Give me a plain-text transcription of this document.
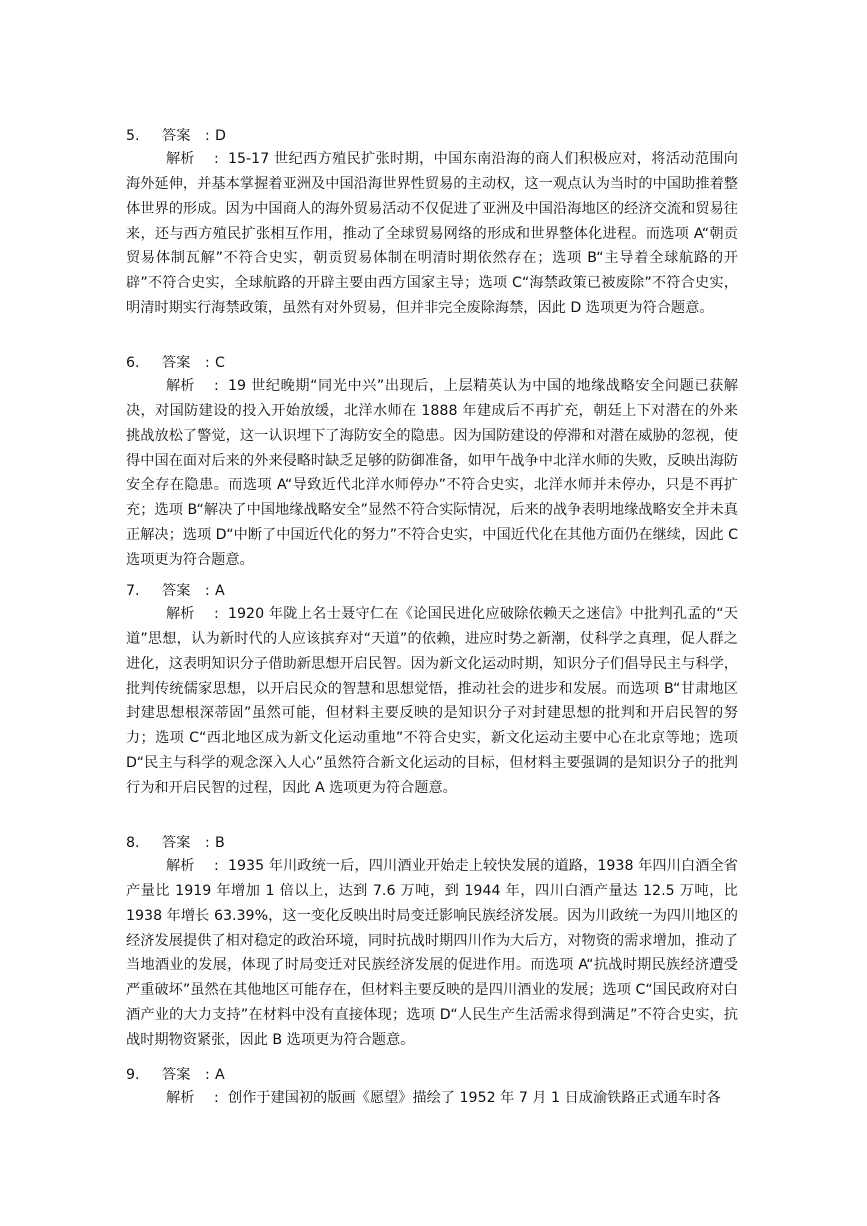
5. 答案 : D
解析 : 15-17 世纪西方殖民扩张时期，中国东南沿海的商人们积极应对，将活动范围向海外延伸，并基本掌握着亚洲及中国沿海世界性贸易的主动权，这一观点认为当时的中国助推着整体世界的形成。因为中国商人的海外贸易活动不仅促进了亚洲及中国沿海地区的经济交流和贸易往来，还与西方殖民扩张相互作用，推动了全球贸易网络的形成和世界整体化进程。而选项 A“朝贡贸易体制瓦解”不符合史实，朝贡贸易体制在明清时期依然存在；选项 B“主导着全球航路的开辟”不符合史实，全球航路的开辟主要由西方国家主导；选项 C“海禁政策已被废除”不符合史实，明清时期实行海禁政策，虽然有对外贸易，但并非完全废除海禁，因此 D 选项更为符合题意。
6. 答案 : C
解析 : 19 世纪晚期“同光中兴”出现后，上层精英认为中国的地缘战略安全问题已获解决，对国防建设的投入开始放缓，北洋水师在 1888 年建成后不再扩充，朝廷上下对潜在的外来挑战放松了警觉，这一认识埋下了海防安全的隐患。因为国防建设的停滞和对潜在威胁的忽视，使得中国在面对后来的外来侵略时缺乏足够的防御准备，如甲午战争中北洋水师的失败，反映出海防安全存在隐患。而选项 A“导致近代北洋水师停办”不符合史实，北洋水师并未停办，只是不再扩充；选项 B“解决了中国地缘战略安全”显然不符合实际情况，后来的战争表明地缘战略安全并未真正解决；选项 D“中断了中国近代化的努力”不符合史实，中国近代化在其他方面仍在继续，因此 C 选项更为符合题意。
7. 答案 : A
解析 : 1920 年陇上名士聂守仁在《论国民进化应破除依赖天之迷信》中批判孔孟的“天道”思想，认为新时代的人应该摈弃对“天道”的依赖，进应时势之新潮，仗科学之真理，促人群之进化，这表明知识分子借助新思想开启民智。因为新文化运动时期，知识分子们倡导民主与科学，批判传统儒家思想，以开启民众的智慧和思想觉悟，推动社会的进步和发展。而选项 B“甘肃地区封建思想根深蒂固”虽然可能，但材料主要反映的是知识分子对封建思想的批判和开启民智的努力；选项 C“西北地区成为新文化运动重地”不符合史实，新文化运动主要中心在北京等地；选项 D“民主与科学的观念深入人心”虽然符合新文化运动的目标，但材料主要强调的是知识分子的批判行为和开启民智的过程，因此 A 选项更为符合题意。
8. 答案 : B
解析 : 1935 年川政统一后，四川酒业开始走上较快发展的道路，1938 年四川白酒全省产量比 1919 年增加 1 倍以上，达到 7.6 万吨，到 1944 年，四川白酒产量达 12.5 万吨，比 1938 年增长 63.39%，这一变化反映出时局变迁影响民族经济发展。因为川政统一为四川地区的经济发展提供了相对稳定的政治环境，同时抗战时期四川作为大后方，对物资的需求增加，推动了当地酒业的发展，体现了时局变迁对民族经济发展的促进作用。而选项 A“抗战时期民族经济遭受严重破坏”虽然在其他地区可能存在，但材料主要反映的是四川酒业的发展；选项 C“国民政府对白酒产业的大力支持”在材料中没有直接体现；选项 D“人民生产生活需求得到满足”不符合史实，抗战时期物资紧张，因此 B 选项更为符合题意。
9. 答案 : A
解析 : 创作于建国初的版画《愿望》描绘了 1952 年 7 月 1 日成渝铁路正式通车时各
